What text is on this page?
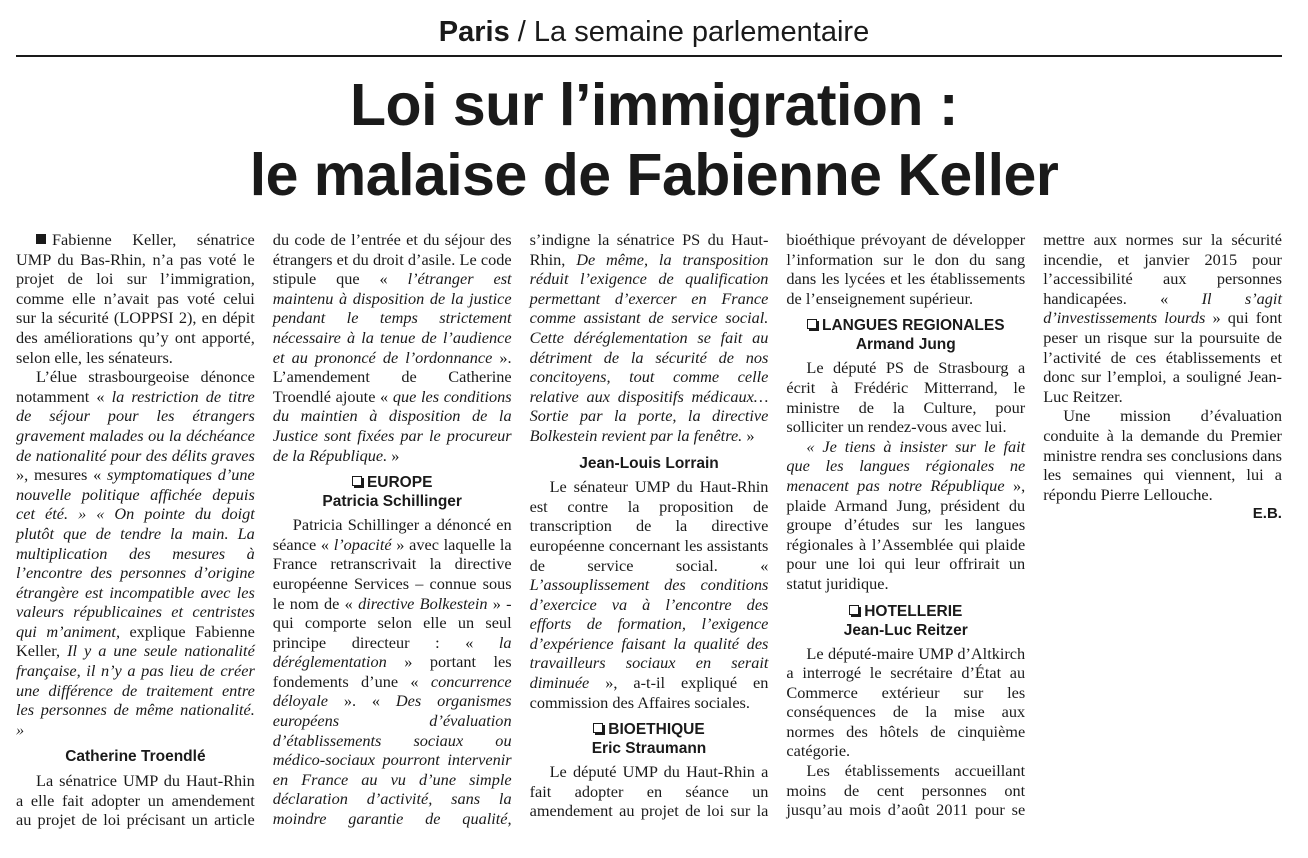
Paris / La semaine parlementaire
Loi sur l’immigration :
le malaise de Fabienne Keller

Fabienne Keller, sénatrice UMP du Bas-Rhin, n’a pas voté le projet de loi sur l’immigration, comme elle n’avait pas voté celui sur la sécurité (LOPPSI 2), en dépit des améliorations qu’y ont apporté, selon elle, les sénateurs.

L’élue strasbourgeoise dénonce notamment « la restriction de titre de séjour pour les étrangers gravement malades ou la déchéance de nationalité pour des délits graves », mesures « symptomatiques d’une nouvelle politique affichée depuis cet été. » « On pointe du doigt plutôt que de tendre la main. La multiplication des mesures à l’encontre des personnes d’origine étrangère est incompatible avec les valeurs républicaines et centristes qui m’animent, explique Fabienne Keller, Il y a une seule nationalité française, il n’y a pas lieu de créer une différence de traitement entre les personnes de même nationalité. »

Catherine Troendlé

La sénatrice UMP du Haut-Rhin a elle fait adopter un amendement au projet de loi précisant un article du code de l’entrée et du séjour des étrangers et du droit d’asile. Le code stipule que « l’étranger est maintenu à disposition de la justice pendant le temps strictement nécessaire à la tenue de l’audience et au prononcé de l’ordonnance ». L’amendement de Catherine Troendlé ajoute « que les conditions du maintien à disposition de la Justice sont fixées par le procureur de la République. »

EUROPE

Patricia Schillinger

Patricia Schillinger a dénoncé en séance « l’opacité » avec laquelle la France retranscrivait la directive européenne Services – connue sous le nom de « directive Bolkestein » - qui comporte selon elle un seul principe directeur : « la déréglementation » portant les fondements d’une « concurrence déloyale ». « Des organismes européens d’évaluation d’établissements sociaux ou médico-sociaux pourront intervenir en France au vu d’une simple déclaration d’activité, sans la moindre garantie de qualité, s’indigne la sénatrice PS du Haut-Rhin, De même, la transposition réduit l’exigence de qualification permettant d’exercer en France comme assistant de service social. Cette déréglementation se fait au détriment de la sécurité de nos concitoyens, tout comme celle relative aux dispositifs médicaux… Sortie par la porte, la directive Bolkestein revient par la fenêtre. »

Jean-Louis Lorrain

Le sénateur UMP du Haut-Rhin est contre la proposition de transcription de la directive européenne concernant les assistants de service social. « L’assouplissement des conditions d’exercice va à l’encontre des efforts de formation, l’exigence d’expérience faisant la qualité des travailleurs sociaux en serait diminuée », a-t-il expliqué en commission des Affaires sociales.

BIOETHIQUE

Eric Straumann

Le député UMP du Haut-Rhin a fait adopter en séance un amendement au projet de loi sur la bioéthique prévoyant de développer l’information sur le don du sang dans les lycées et les établissements de l’enseignement supérieur.

LANGUES REGIONALES

Armand Jung

Le député PS de Strasbourg a écrit à Frédéric Mitterrand, le ministre de la Culture, pour solliciter un rendez-vous avec lui.

« Je tiens à insister sur le fait que les langues régionales ne menacent pas notre République », plaide Armand Jung, président du groupe d’études sur les langues régionales à l’Assemblée qui plaide pour une loi qui leur offrirait un statut juridique.

HOTELLERIE

Jean-Luc Reitzer

Le député-maire UMP d’Altkirch a interrogé le secrétaire d’État au Commerce extérieur sur les conséquences de la mise aux normes des hôtels de cinquième catégorie.

Les établissements accueillant moins de cent personnes ont jusqu’au mois d’août 2011 pour se mettre aux normes sur la sécurité incendie, et janvier 2015 pour l’accessibilité aux personnes handicapées. « Il s’agit d’investissements lourds » qui font peser un risque sur la poursuite de l’activité de ces établissements et donc sur l’emploi, a souligné Jean-Luc Reitzer.

Une mission d’évaluation conduite à la demande du Premier ministre rendra ses conclusions dans les semaines qui viennent, lui a répondu Pierre Lellouche.

E.B.
